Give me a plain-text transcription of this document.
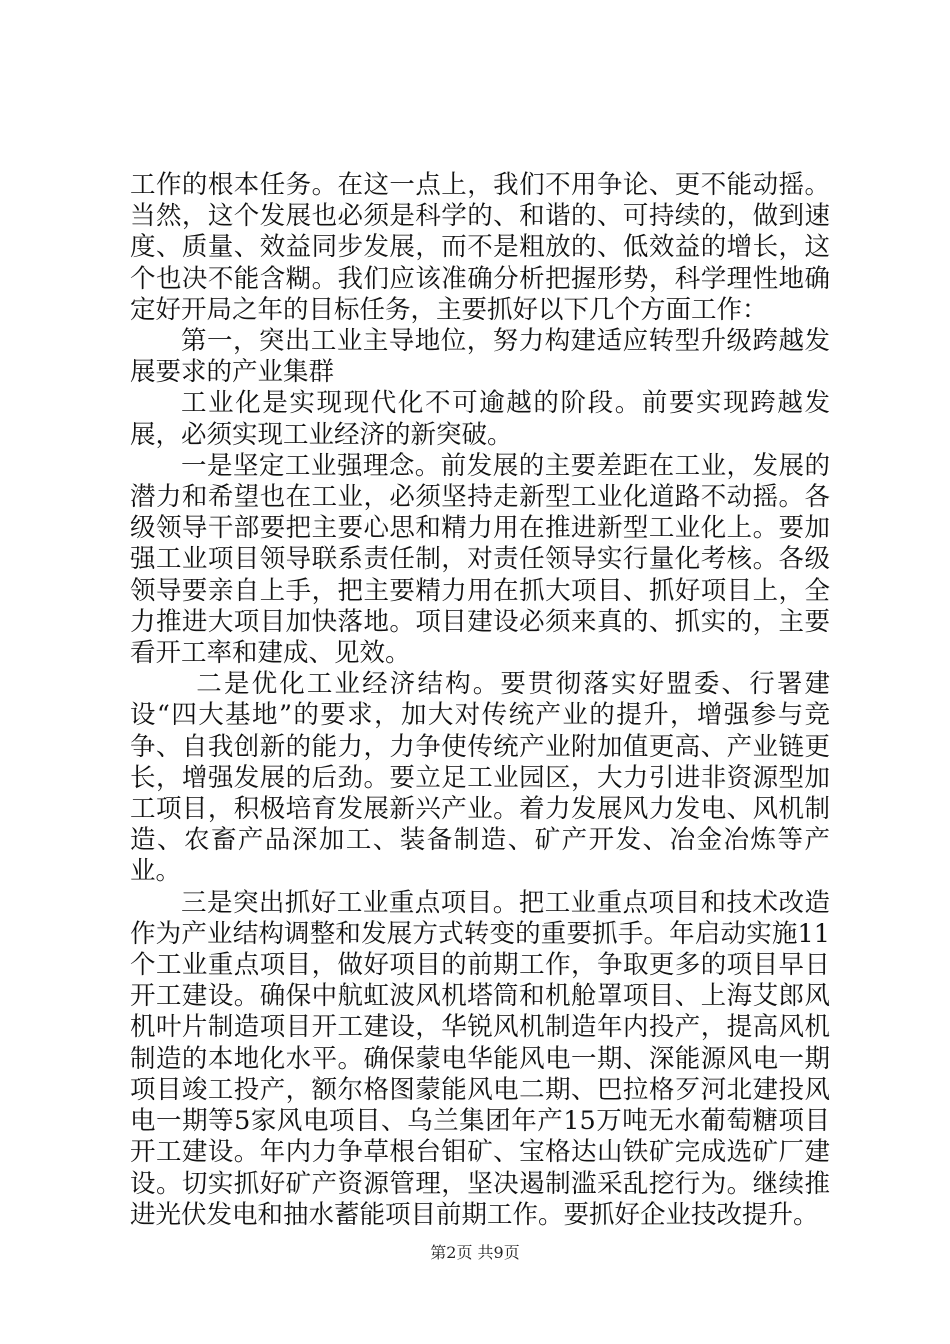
工作的根本任务。在这一点上，我们不用争论、更不能动摇。当然，这个发展也必须是科学的、和谐的、可持续的，做到速度、质量、效益同步发展，而不是粗放的、低效益的增长，这个也决不能含糊。我们应该准确分析把握形势，科学理性地确定好开局之年的目标任务，主要抓好以下几个方面工作：

第一，突出工业主导地位，努力构建适应转型升级跨越发展要求的产业集群

工业化是实现现代化不可逾越的阶段。前要实现跨越发展，必须实现工业经济的新突破。

一是坚定工业强理念。前发展的主要差距在工业，发展的潜力和希望也在工业，必须坚持走新型工业化道路不动摇。各级领导干部要把主要心思和精力用在推进新型工业化上。要加强工业项目领导联系责任制，对责任领导实行量化考核。各级领导要亲自上手，把主要精力用在抓大项目、抓好项目上，全力推进大项目加快落地。项目建设必须来真的、抓实的，主要看开工率和建成、见效。

二是优化工业经济结构。要贯彻落实好盟委、行署建设“四大基地”的要求，加大对传统产业的提升，增强参与竞争、自我创新的能力，力争使传统产业附加值更高、产业链更长，增强发展的后劲。要立足工业园区，大力引进非资源型加工项目，积极培育发展新兴产业。着力发展风力发电、风机制造、农畜产品深加工、装备制造、矿产开发、冶金冶炼等产业。

三是突出抓好工业重点项目。把工业重点项目和技术改造作为产业结构调整和发展方式转变的重要抓手。年启动实施11个工业重点项目，做好项目的前期工作，争取更多的项目早日开工建设。确保中航虹波风机塔筒和机舱罩项目、上海艾郎风机叶片制造项目开工建设，华锐风机制造年内投产，提高风机制造的本地化水平。确保蒙电华能风电一期、深能源风电一期项目竣工投产，额尔格图蒙能风电二期、巴拉格歹河北建投风电一期等5家风电项目、乌兰集团年产15万吨无水葡萄糖项目开工建设。年内力争草根台钼矿、宝格达山铁矿完成选矿厂建设。切实抓好矿产资源管理，坚决遏制滥采乱挖行为。继续推进光伏发电和抽水蓄能项目前期工作。要抓好企业技改提升。

第2页 共9页
